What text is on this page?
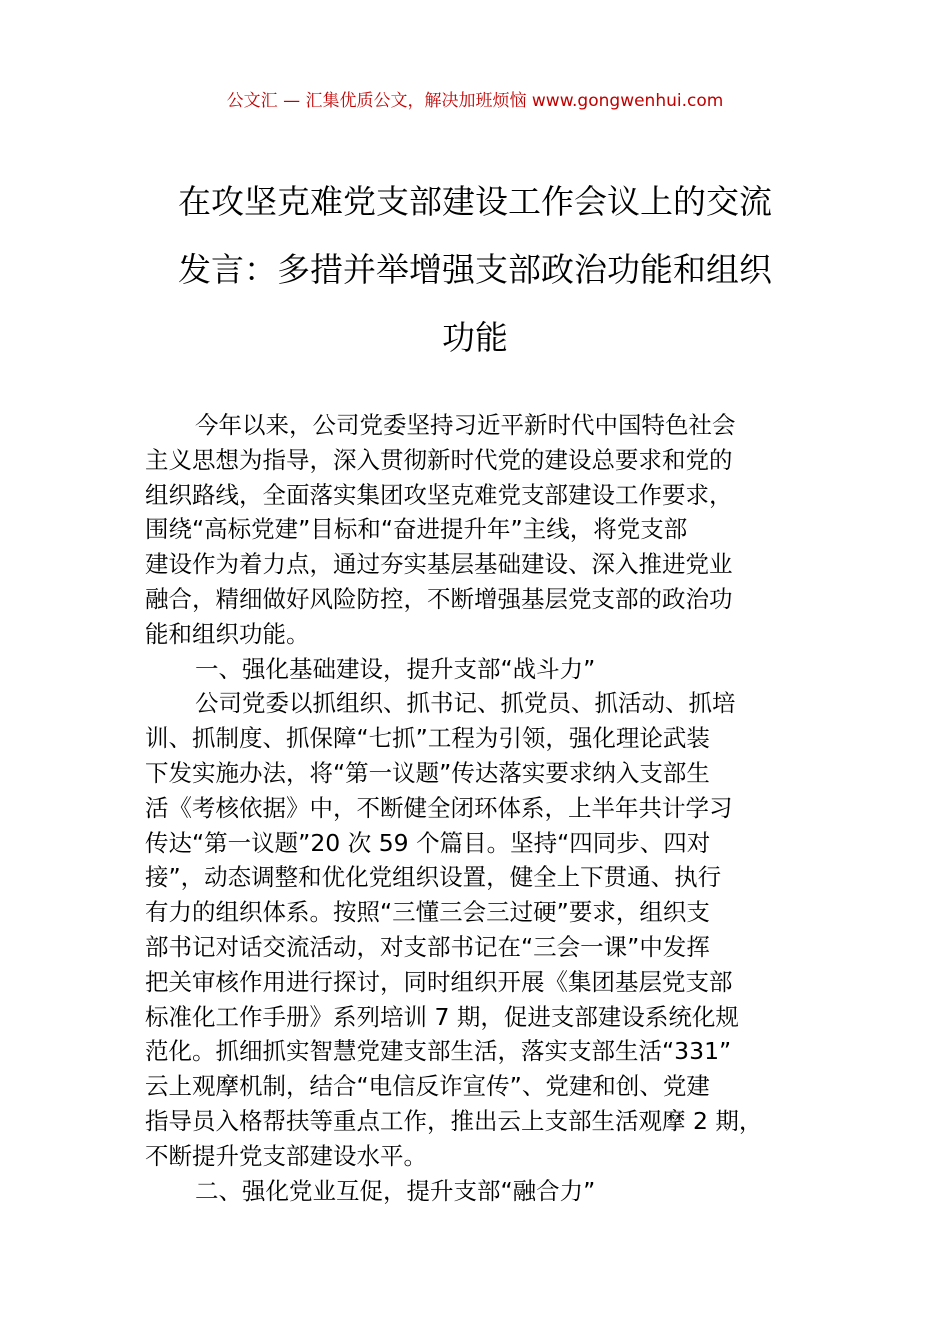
公文汇 — 汇集优质公文，解决加班烦恼 www.gongwenhui.com
在攻坚克难党支部建设工作会议上的交流
发言：多措并举增强支部政治功能和组织
功能
今年以来，公司党委坚持习近平新时代中国特色社会
主义思想为指导，深入贯彻新时代党的建设总要求和党的
组织路线，全面落实集团攻坚克难党支部建设工作要求，
围绕“高标党建”目标和“奋进提升年”主线，将党支部
建设作为着力点，通过夯实基层基础建设、深入推进党业
融合，精细做好风险防控，不断增强基层党支部的政治功
能和组织功能。
一、强化基础建设，提升支部“战斗力”
公司党委以抓组织、抓书记、抓党员、抓活动、抓培
训、抓制度、抓保障“七抓”工程为引领，强化理论武装
下发实施办法，将“第一议题”传达落实要求纳入支部生
活《考核依据》中，不断健全闭环体系，上半年共计学习
传达“第一议题”20 次 59 个篇目。坚持“四同步、四对
接”，动态调整和优化党组织设置，健全上下贯通、执行
有力的组织体系。按照“三懂三会三过硬”要求，组织支
部书记对话交流活动，对支部书记在“三会一课”中发挥
把关审核作用进行探讨，同时组织开展《集团基层党支部
标准化工作手册》系列培训 7 期，促进支部建设系统化规
范化。抓细抓实智慧党建支部生活，落实支部生活“331”
云上观摩机制，结合“电信反诈宣传”、党建和创、党建
指导员入格帮扶等重点工作，推出云上支部生活观摩 2 期，
不断提升党支部建设水平。
二、强化党业互促，提升支部“融合力”
